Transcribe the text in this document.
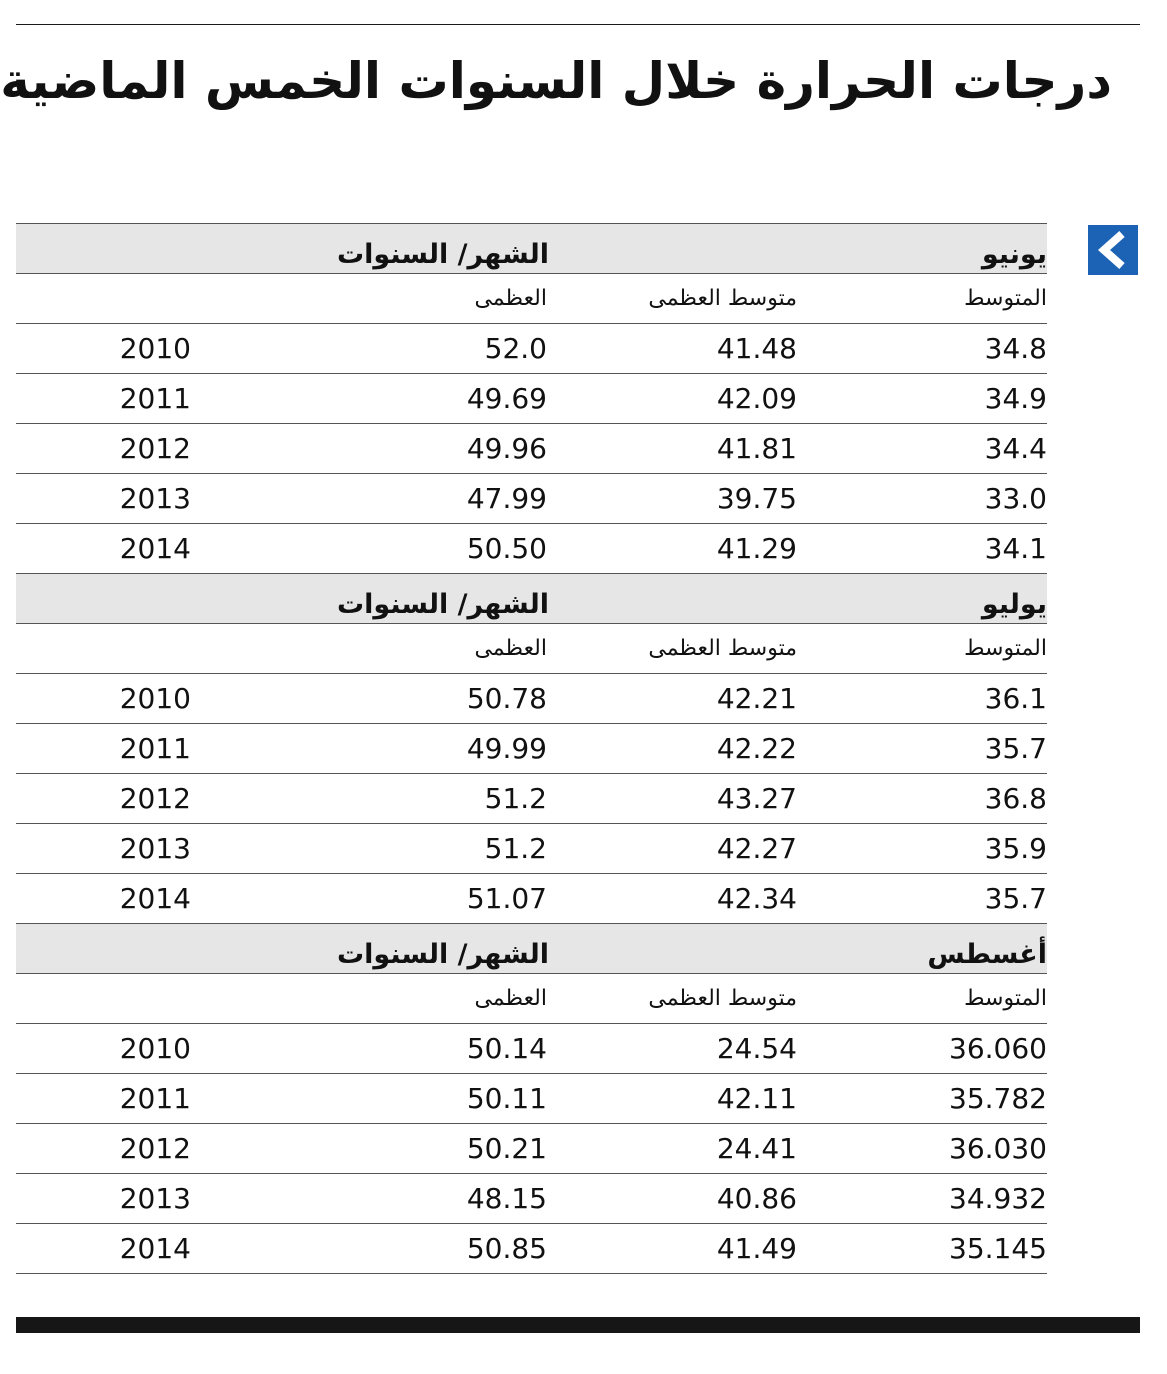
درجات الحرارة خلال السنوات الخمس الماضية
يونيو
الشهر/ السنوات
المتوسط
متوسط العظمى
العظمى
34.8
41.48
52.0
2010
34.9
42.09
49.69
2011
34.4
41.81
49.96
2012
33.0
39.75
47.99
2013
34.1
41.29
50.50
2014
يوليو
الشهر/ السنوات
المتوسط
متوسط العظمى
العظمى
36.1
42.21
50.78
2010
35.7
42.22
49.99
2011
36.8
43.27
51.2
2012
35.9
42.27
51.2
2013
35.7
42.34
51.07
2014
أغسطس
الشهر/ السنوات
المتوسط
متوسط العظمى
العظمى
36.060
24.54
50.14
2010
35.782
42.11
50.11
2011
36.030
24.41
50.21
2012
34.932
40.86
48.15
2013
35.145
41.49
50.85
2014
